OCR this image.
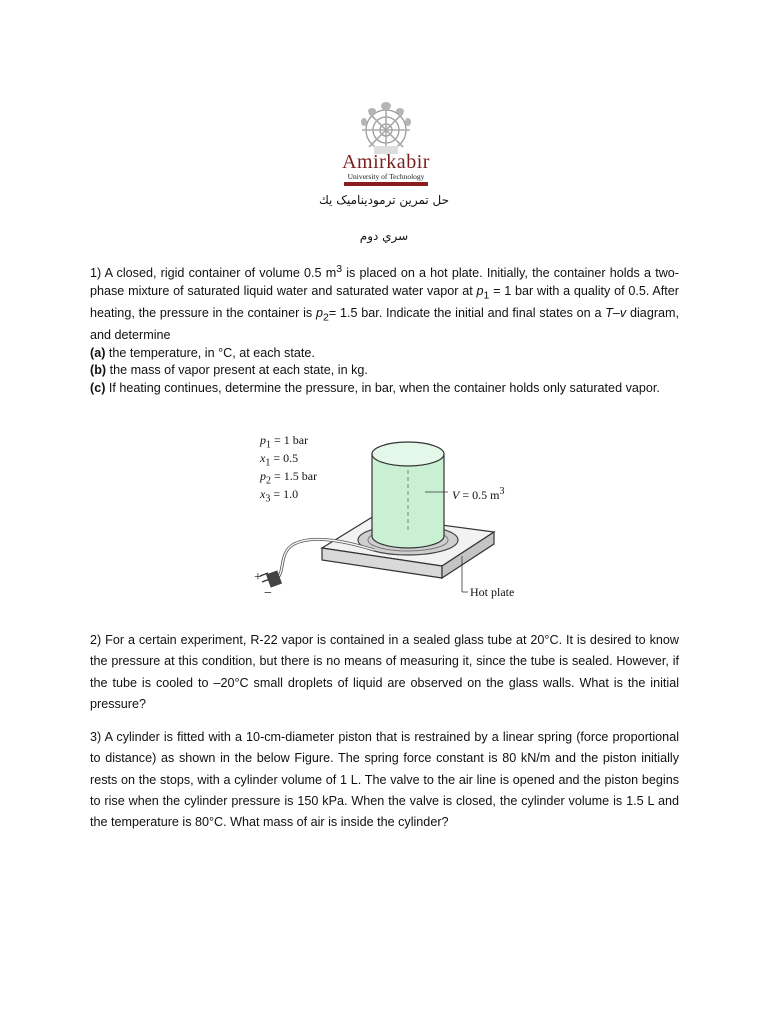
Amirkabir
University of Technology
حل تمرين ترموديناميک يك
سري دوم

1) A closed, rigid container of volume 0.5 $m^3$ is placed on a hot plate. Initially, the container holds a two-phase mixture of saturated liquid water and saturated water vapor at $p_1 = 1$ bar with a quality of 0.5. After heating, the pressure in the container is $p_2= 1.5$ bar. Indicate the initial and final states on a T–v diagram, and determine

(a) the temperature, in °C, at each state.

(b) the mass of vapor present at each state, in kg.

(c) If heating continues, determine the pressure, in bar, when the container holds only saturated vapor.

$p_1 = 1$ bar
$x_1 = 0.5$
$p_2 = 1.5$ bar
$x_3 = 1.0$	V = 0.5 $m^3$
Hot plate
+
−

2) For a certain experiment, R-22 vapor is contained in a sealed glass tube at 20°C. It is desired to know the pressure at this condition, but there is no means of measuring it, since the tube is sealed. However, if the tube is cooled to –20°C small droplets of liquid are observed on the glass walls. What is the initial pressure?

3) A cylinder is fitted with a 10-cm-diameter piston that is restrained by a linear spring (force proportional to distance) as shown in the below Figure. The spring force constant is 80 kN/m and the piston initially rests on the stops, with a cylinder volume of 1 L. The valve to the air line is opened and the piston begins to rise when the cylinder pressure is 150 kPa. When the valve is closed, the cylinder volume is 1.5 L and the temperature is 80°C. What mass of air is inside the cylinder?
